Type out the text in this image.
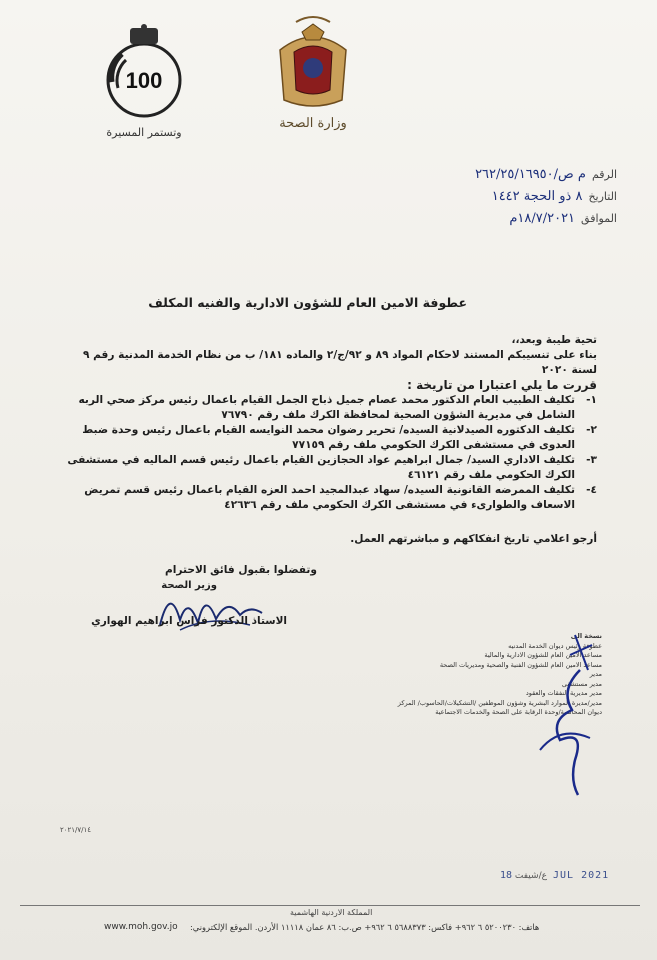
100
وتستمر المسيرة
وزارة الصحة
الرقم
م ص/٢٦٢/٢٥/١٦٩٥٠
التاريخ
٨ ذو الحجة ١٤٤٢
الموافق
١٨/٧/٢٠٢١م
عطوفة الامين العام للشؤون الادارية والفنيه المكلف

تحية طيبة وبعد،،

بناء على تنسيبكم المستند لاحكام المواد ٨٩ و ٩٢/ج/٢ والماده ١٨١/ ب من نظام الخدمة المدنية رقم ٩ لسنة ٢٠٢٠

قررت ما يلي اعتبارا من تاريخة :

١-
تكليف الطبيب العام الدكتور محمد عصام جميل ذباح الجمل القيام باعمال رئيس مركز صحي الربه الشامل في مديرية الشؤون الصحية لمحافظة الكرك ملف رقم ٧٦٧٩٠
٢-
تكليف الدكتوره الصيدلانية السيده/ تحرير رضوان محمد النوايسه القيام باعمال رئيس وحدة ضبط العدوى في مستشفى الكرك الحكومي ملف رقم ٧٧١٥٩
٣-
تكليف الاداري السيد/ جمال ابراهيم عواد الحجازين القيام باعمال رئيس قسم الماليه في مستشفى الكرك الحكومي ملف رقم ٤٦١٢١
٤-
تكليف الممرضه القانونية السيده/ سهاد عبدالمجيد احمد العزه القيام باعمال رئيس قسم تمريض الاسعاف والطوارىء في مستشفى الكرك الحكومي ملف رقم ٤٢٦٣٦
أرجو اعلامي تاريخ انفكاكهم و مباشرتهم العمل.
وتفضلوا بقبول فائق الاحترام
وزير الصحة
الاستاذ الدكتور فراس ابراهيم الهواري
نسخة الى
عطوفة رئيس ديوان الخدمة المدنيه
مساعد الامين العام للشؤون الادارية والمالية
مساعد الامين العام للشؤون الفنية والصحية ومديريات الصحة
مدير
مدير مستشفى
مدير مديرية النفقات والعقود
مدير/مديرة الموارد البشرية وشؤون الموظفين /التشكيلات/الحاسوب/ المركز
ديوان المحاسبة/وحدة الرقابة على الصحة والخدمات الاجتماعية
٢٠٢١/٧/١٤
ع/شيفت 18 JUL 2021
المملكة الاردنية الهاشمية
www.moh.gov.jo هاتف: ٥٢٠٠٢٣٠ ٦ ٩٦٢+ فاكس: ٥٦٨٨٣٧٣ ٦ ٩٦٢+ ص.ب: ٨٦ عمان ١١١١٨ الأردن. الموقع الإلكتروني:
